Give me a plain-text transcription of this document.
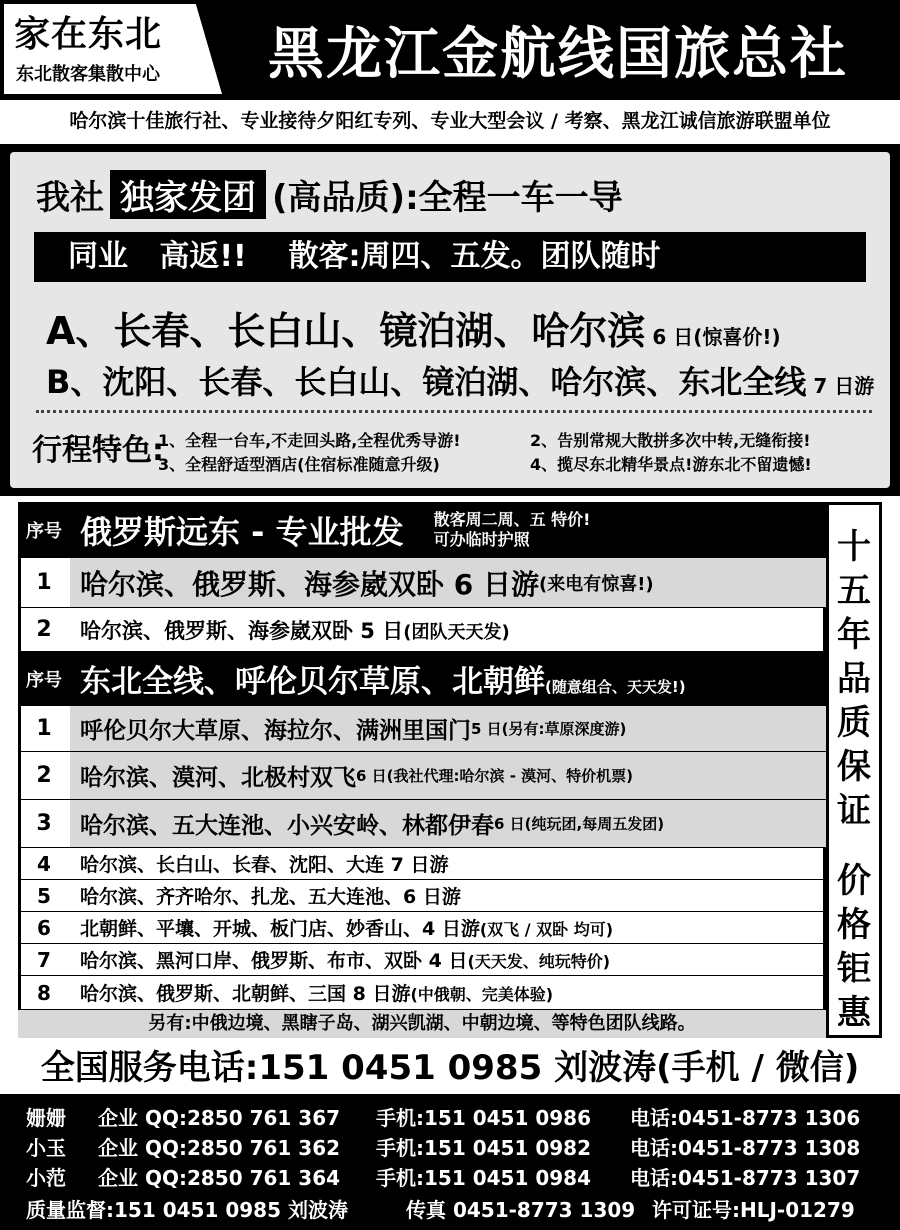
家在东北
东北散客集散中心	黑龙江金航线国旅总社
哈尔滨十佳旅行社、专业接待夕阳红专列、专业大型会议 / 考察、黑龙江诚信旅游联盟单位
我社 独家发团 (高品质):全程一车一导
同业   高返!!    散客:周四、五发。团队随时
A、长春、长白山、镜泊湖、哈尔滨 6 日(惊喜价!)
B、沈阳、长春、长白山、镜泊湖、哈尔滨、东北全线 7 日游
行程特色:
1、全程一台车,不走回头路,全程优秀导游!	2、告别常规大散拼多次中转,无缝衔接!
3、全程舒适型酒店(住宿标准随意升级)	4、揽尽东北精华景点!游东北不留遗憾!
序号 俄罗斯远东 - 专业批发 散客周二周、五 特价!
可办临时护照
1	哈尔滨、俄罗斯、海参崴双卧 6 日游 (来电有惊喜!)
2	哈尔滨、俄罗斯、海参崴双卧 5 日(团队天天发)
序号 东北全线、呼伦贝尔草原、北朝鲜(随意组合、天天发!)
1	呼伦贝尔大草原、海拉尔、满洲里国门 5 日(另有:草原深度游)
2	哈尔滨、漠河、北极村双飞 6 日(我社代理:哈尔滨 - 漠河、特价机票)
3	哈尔滨、五大连池、小兴安岭、林都伊春 6 日(纯玩团,每周五发团)
4	哈尔滨、长白山、长春、沈阳、大连 7 日游
5	哈尔滨、齐齐哈尔、扎龙、五大连池、6 日游
6	北朝鲜、平壤、开城、板门店、妙香山、4 日游(双飞 / 双卧 均可)
7	哈尔滨、黑河口岸、俄罗斯、布市、双卧 4 日(天天发、纯玩特价)
8	哈尔滨、俄罗斯、北朝鲜、三国 8 日游(中俄朝、完美体验)
另有:中俄边境、黑瞎子岛、湖兴凯湖、中朝边境、等特色团队线路。
十
五
年
品
质
保
证
价
格
钜
惠
全国服务电话:151 0451 0985 刘波涛(手机 / 微信)
姗姗 企业 QQ:2850 761 367 手机:151 0451 0986 电话:0451-8773 1306
小玉 企业 QQ:2850 761 362 手机:151 0451 0982 电话:0451-8773 1308
小范 企业 QQ:2850 761 364 手机:151 0451 0984 电话:0451-8773 1307
质量监督:151 0451 0985 刘波涛	传真 0451-8773 1309 许可证号:HLJ-01279
